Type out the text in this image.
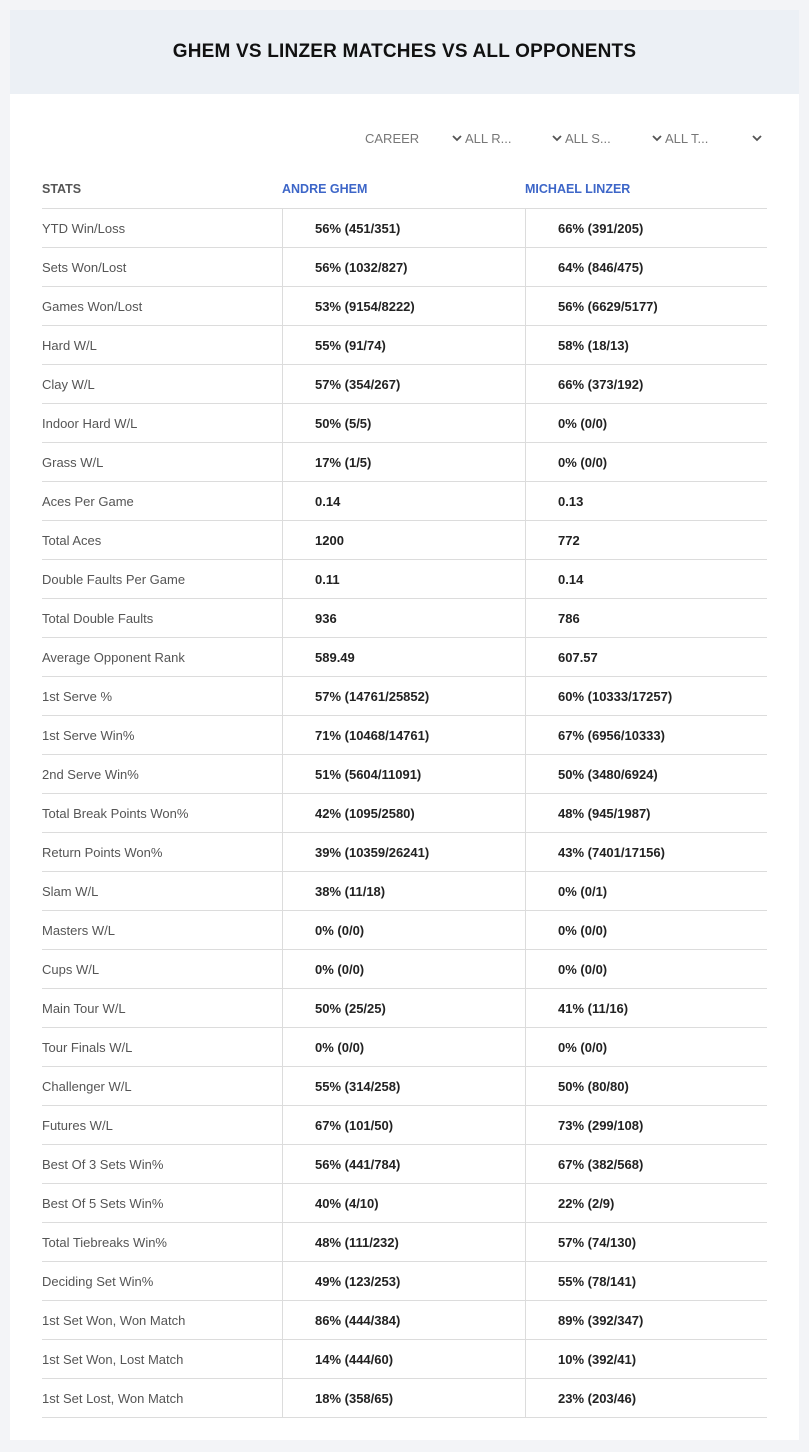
GHEM VS LINZER MATCHES VS ALL OPPONENTS
CAREER	ALL R...	ALL S...	ALL T...
STATS	ANDRE GHEM	MICHAEL LINZER
YTD Win/Loss	56% (451/351)	66% (391/205)
Sets Won/Lost	56% (1032/827)	64% (846/475)
Games Won/Lost	53% (9154/8222)	56% (6629/5177)
Hard W/L	55% (91/74)	58% (18/13)
Clay W/L	57% (354/267)	66% (373/192)
Indoor Hard W/L	50% (5/5)	0% (0/0)
Grass W/L	17% (1/5)	0% (0/0)
Aces Per Game	0.14	0.13
Total Aces	1200	772
Double Faults Per Game	0.11	0.14
Total Double Faults	936	786
Average Opponent Rank	589.49	607.57
1st Serve %	57% (14761/25852)	60% (10333/17257)
1st Serve Win%	71% (10468/14761)	67% (6956/10333)
2nd Serve Win%	51% (5604/11091)	50% (3480/6924)
Total Break Points Won%	42% (1095/2580)	48% (945/1987)
Return Points Won%	39% (10359/26241)	43% (7401/17156)
Slam W/L	38% (11/18)	0% (0/1)
Masters W/L	0% (0/0)	0% (0/0)
Cups W/L	0% (0/0)	0% (0/0)
Main Tour W/L	50% (25/25)	41% (11/16)
Tour Finals W/L	0% (0/0)	0% (0/0)
Challenger W/L	55% (314/258)	50% (80/80)
Futures W/L	67% (101/50)	73% (299/108)
Best Of 3 Sets Win%	56% (441/784)	67% (382/568)
Best Of 5 Sets Win%	40% (4/10)	22% (2/9)
Total Tiebreaks Win%	48% (111/232)	57% (74/130)
Deciding Set Win%	49% (123/253)	55% (78/141)
1st Set Won, Won Match	86% (444/384)	89% (392/347)
1st Set Won, Lost Match	14% (444/60)	10% (392/41)
1st Set Lost, Won Match	18% (358/65)	23% (203/46)
